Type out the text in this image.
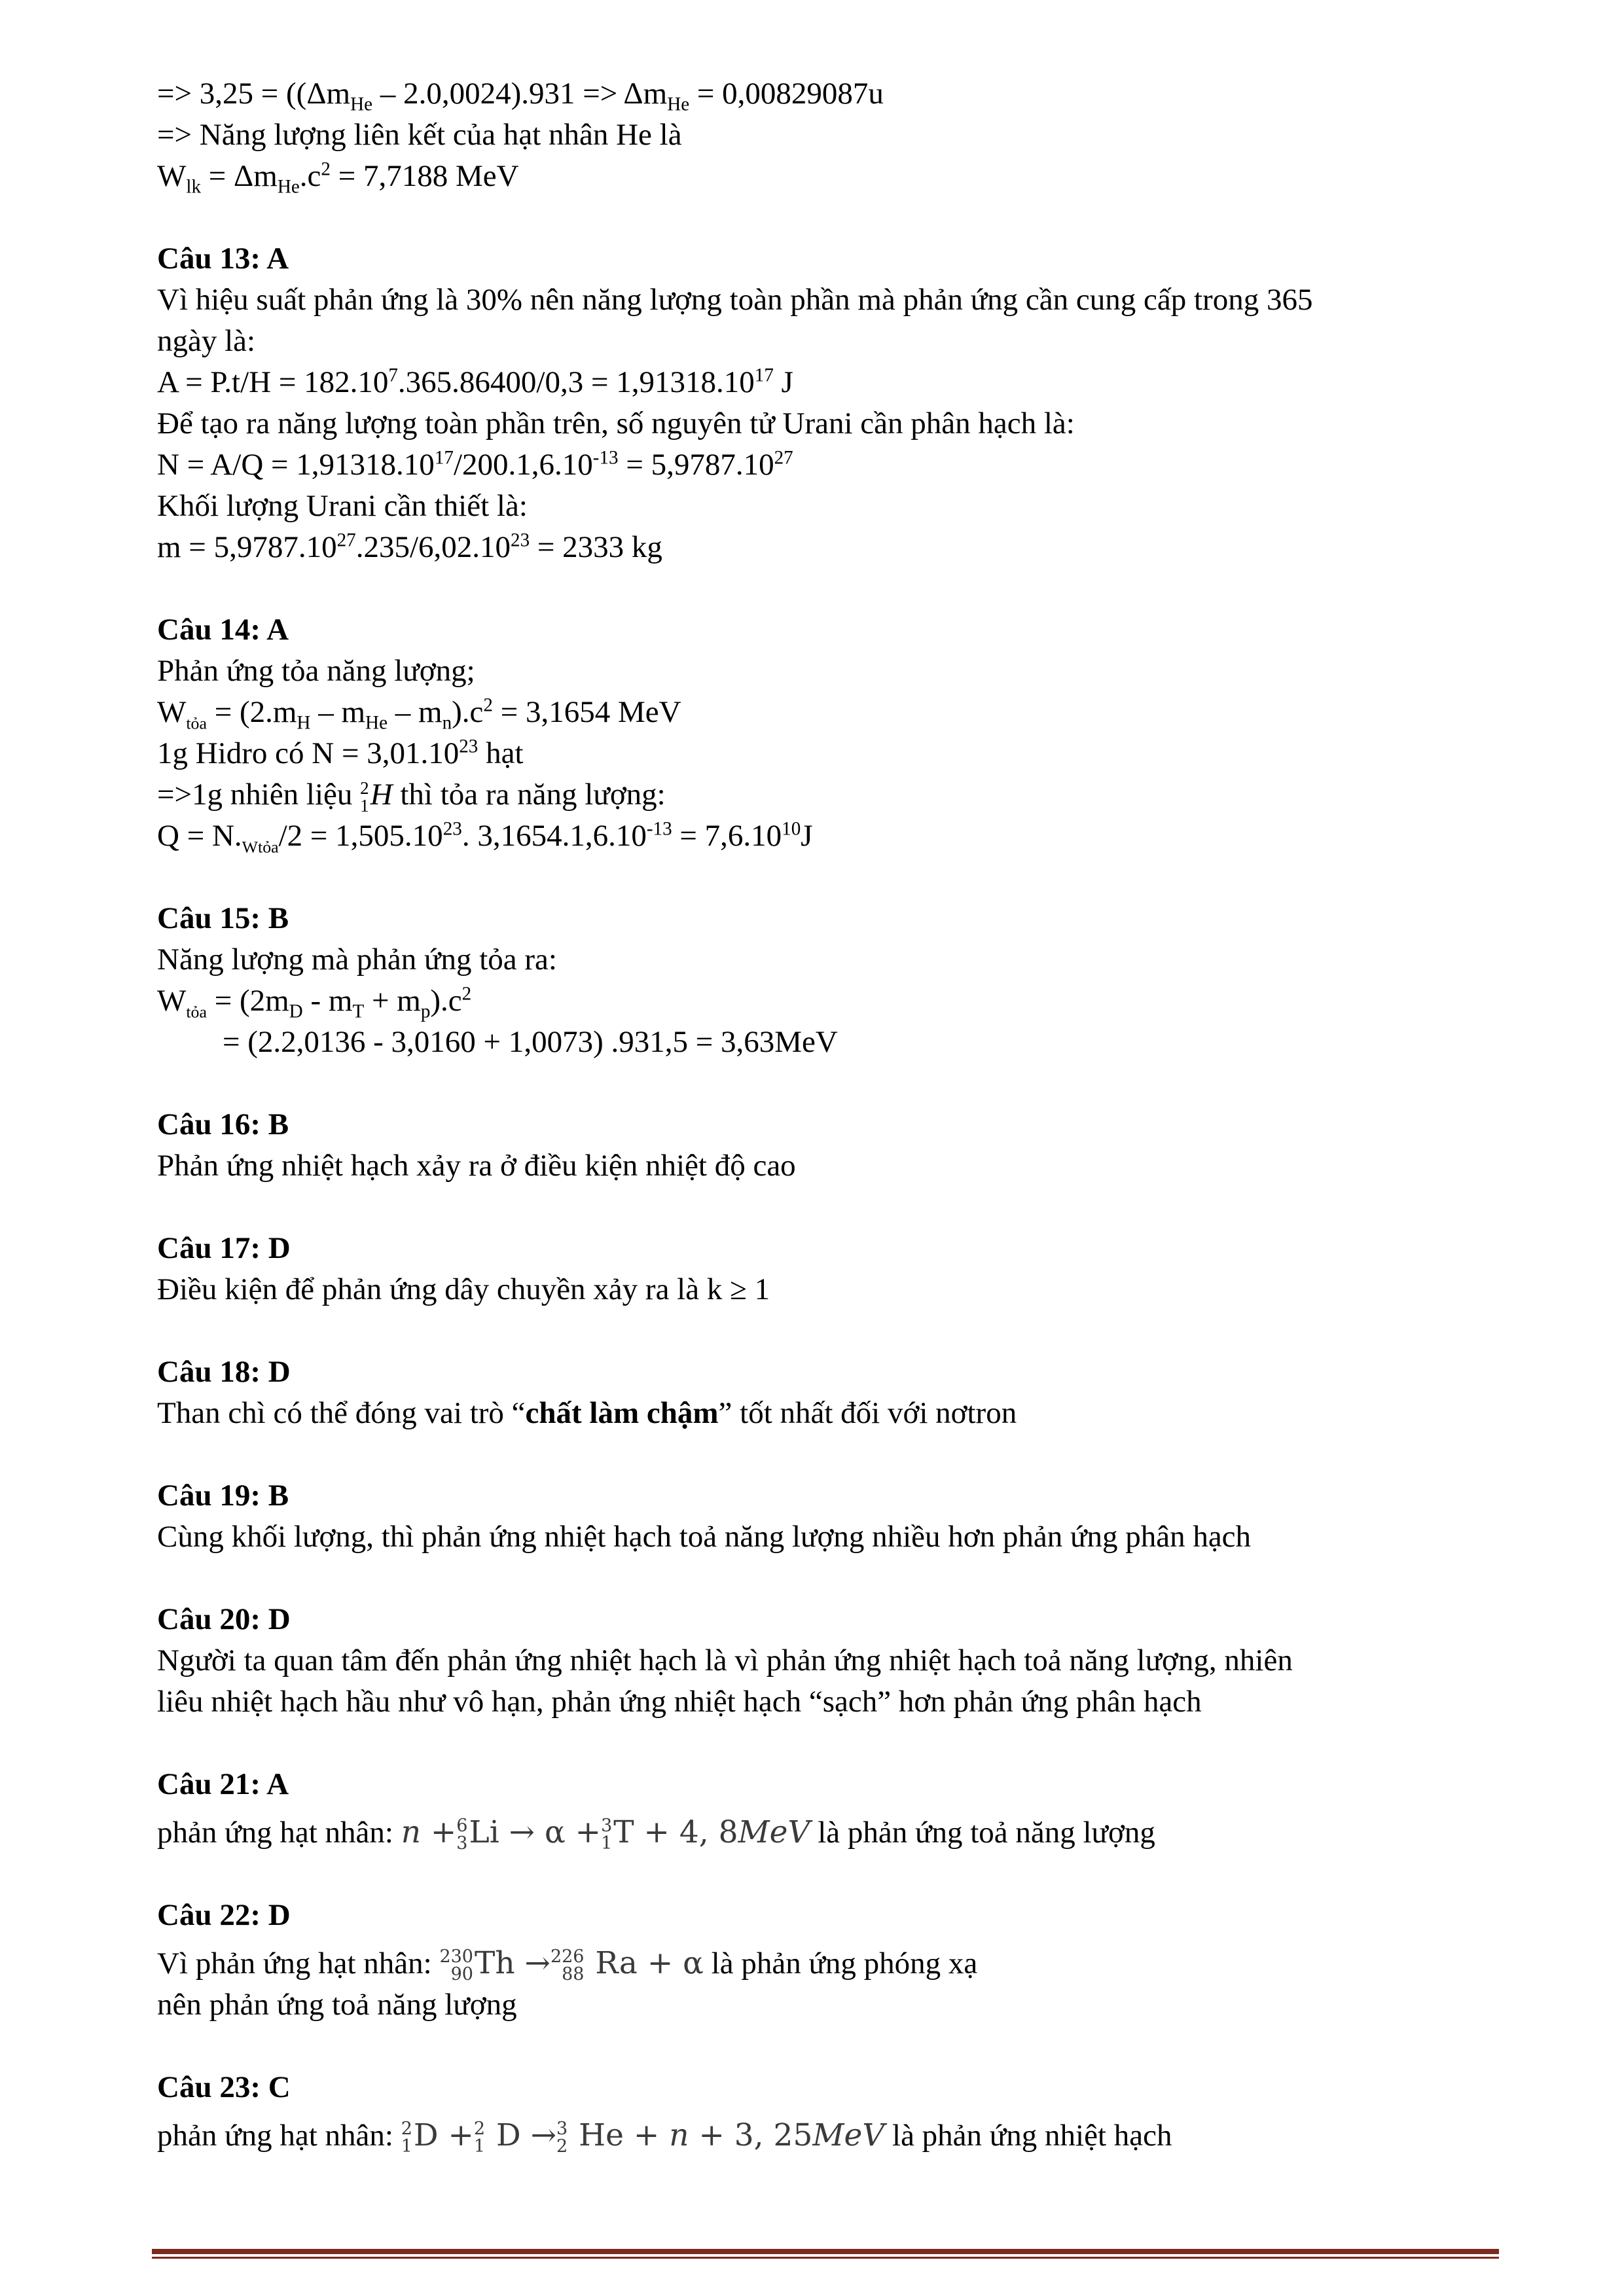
=> $3,25 = ((\Delta m_{He} - 2.0,0024).931 => \Delta m_{He} = 0,00829087u$
=> Năng lượng liên kết của hạt nhân He là
$W_{lk} = \Delta m_{He}.c^2 = 7,7188$ MeV
Câu 13: A
Vì hiệu suất phản ứng là 30% nên năng lượng toàn phần mà phản ứng cần cung cấp trong 365
ngày là:
$A = P.t/H = 182.10^7.365.86400/0,3 = 1,91318.10^{17}$ J
Để tạo ra năng lượng toàn phần trên, số nguyên tử Urani cần phân hạch là:
$N = A/Q = 1,91318.10^{17}/200.1,6.10^{-13} = 5,9787.10^{27}$
Khối lượng Urani cần thiết là:
$m = 5,9787.10^{27}.235/6,02.10^{23} = 2333$ kg
Câu 14: A
Phản ứng tỏa năng lượng;
$W_{tỏa} = (2.m_H - m_{He} - m_n).c^2 = 3,1654$ MeV
1g Hidro có $N = 3,01.10^{23}$ hạt
=>1g nhiên liệu 2
1 H thì tỏa ra năng lượng:
$Q = N._{Wtỏa}/2 = 1,505.10^{23}$. $3,1654.1,6.10^{-13} = 7,6.10^{10}J$
Câu 15: B
Năng lượng mà phản ứng tỏa ra:
$W_{tỏa} = (2m_D - m_T + m_p).c^2$
= (2.2,0136 - 3,0160 + 1,0073) .931,5 = 3,63MeV
Câu 16: B
Phản ứng nhiệt hạch xảy ra ở điều kiện nhiệt độ cao
Câu 17: D
Điều kiện để phản ứng dây chuyền xảy ra là k ≥ 1
Câu 18: D
Than chì có thể đóng vai trò “chất làm chậm” tốt nhất đối với nơtron
Câu 19: B
Cùng khối lượng, thì phản ứng nhiệt hạch toả năng lượng nhiều hơn phản ứng phân hạch
Câu 20: D
Người ta quan tâm đến phản ứng nhiệt hạch là vì phản ứng nhiệt hạch toả năng lượng, nhiên
liêu nhiệt hạch hầu như vô hạn, phản ứng nhiệt hạch “sạch” hơn phản ứng phân hạch
Câu 21: A
phản ứng hạt nhân: n + 6
3 Li → α + 3
1 T + 4, 8MeV là phản ứng toả năng lượng
Câu 22: D
Vì phản ứng hạt nhân: 230
90 Th → 226
88 Ra + α là phản ứng phóng xạ
nên phản ứng toả năng lượng
Câu 23: C
phản ứng hạt nhân: 2
1 D + 2
1 D → 3
2 He + n + 3, 25MeV là phản ứng nhiệt hạch
